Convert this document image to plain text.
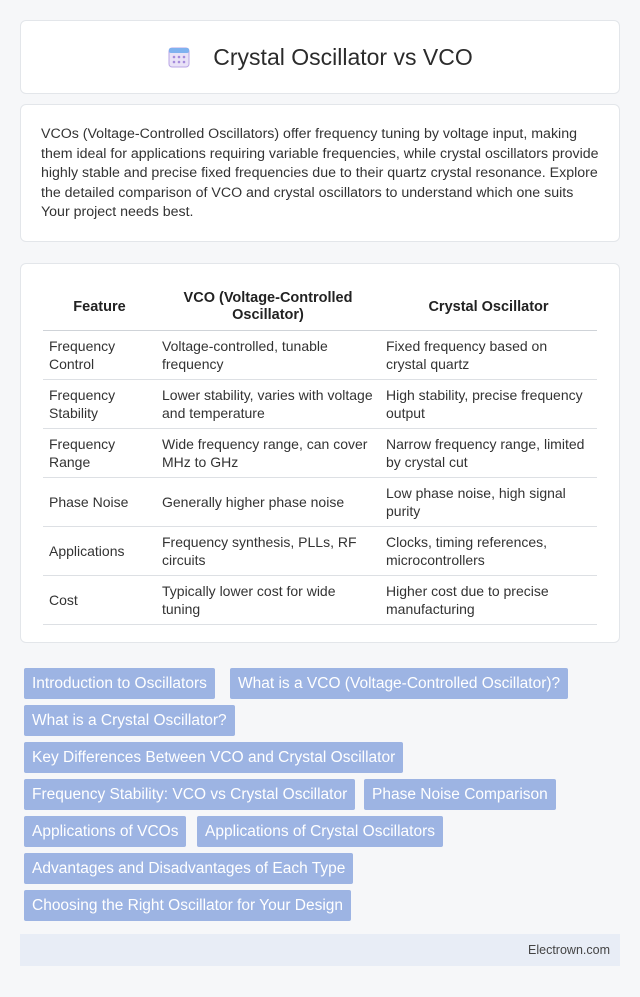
Crystal Oscillator vs VCO

VCOs (Voltage-Controlled Oscillators) offer frequency tuning by voltage input, making them ideal for applications requiring variable frequencies, while crystal oscillators provide highly stable and precise fixed frequencies due to their quartz crystal resonance. Explore the detailed comparison of VCO and crystal oscillators to understand which one suits Your project needs best.

Feature	VCO (Voltage-Controlled Oscillator)	Crystal Oscillator
Frequency Control	Voltage-controlled, tunable frequency	Fixed frequency based on crystal quartz
Frequency Stability	Lower stability, varies with voltage and temperature	High stability, precise frequency output
Frequency Range	Wide frequency range, can cover MHz to GHz	Narrow frequency range, limited by crystal cut
Phase Noise	Generally higher phase noise	Low phase noise, high signal purity
Applications	Frequency synthesis, PLLs, RF circuits	Clocks, timing references, microcontrollers
Cost	Typically lower cost for wide tuning	Higher cost due to precise manufacturing
Introduction to Oscillators	What is a VCO (Voltage-Controlled Oscillator)?
What is a Crystal Oscillator?
Key Differences Between VCO and Crystal Oscillator
Frequency Stability: VCO vs Crystal Oscillator	Phase Noise Comparison
Applications of VCOs	Applications of Crystal Oscillators
Advantages and Disadvantages of Each Type
Choosing the Right Oscillator for Your Design
Electrown.com
